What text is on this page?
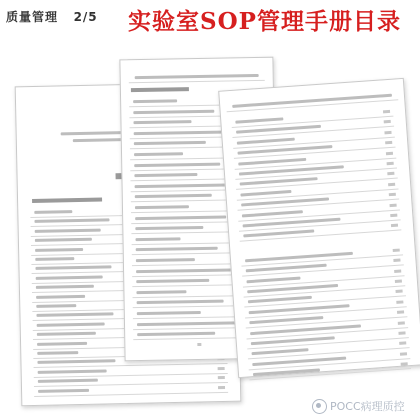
质量管理 2/5 实验室SOP管理手册目录
POCC病理质控
